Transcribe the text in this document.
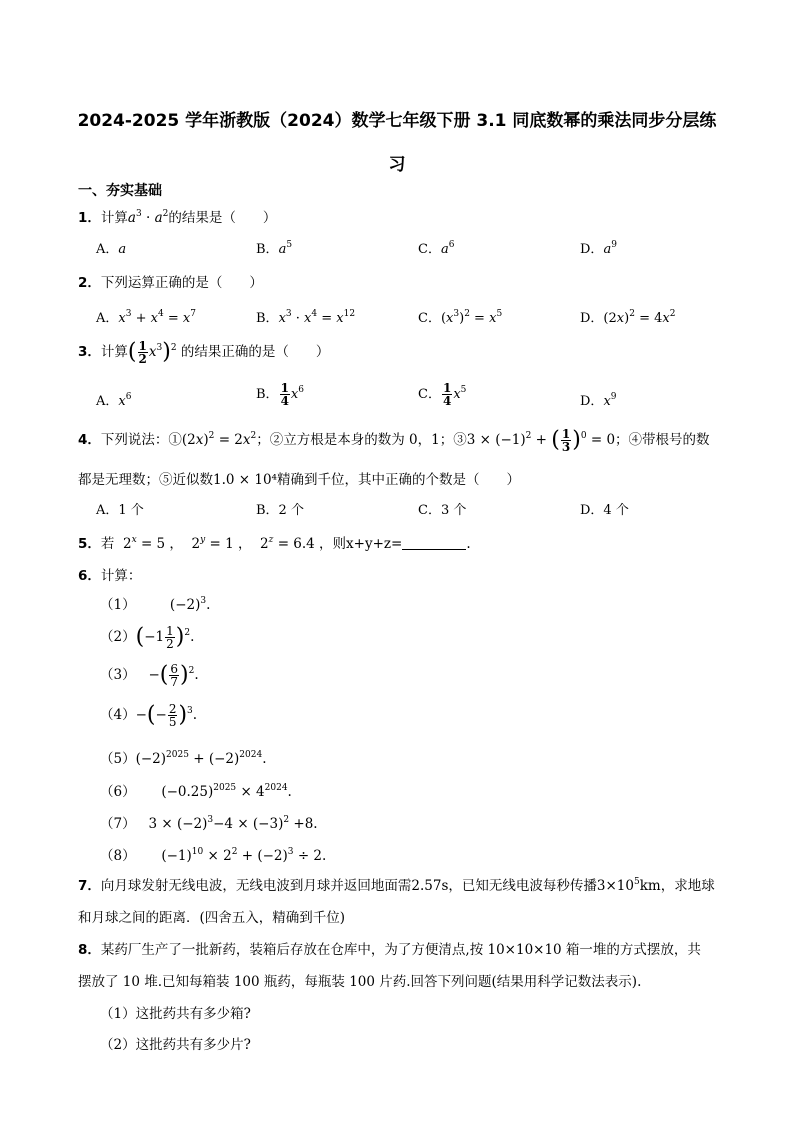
2024-2025 学年浙教版（2024）数学七年级下册 3.1 同底数幂的乘法同步分层练
习
一、夯实基础
1．计算$a^3 \cdot a^2$的结果是（　　）
A．a	B．$a^5$	C．$a^6$	D．$a^9$
2．下列运算正确的是（　　）
A．$x^3 + x^4 = x^7$	B．$x^3 \cdot x^4 = x^{12}$	C．$(x^3)^2 = x^5$	D．$(2x)^2 = 4x^2$
3．计算( $\frac{1}{2} x^3)^2$ 的结果正确的是（　　）
A．$x^6$	B． $\frac{1}{4} x^6$	C． $\frac{1}{4} x^5$
D．$x^9$
4．下列说法：$①(2x)^2 = 2x^2$；②立方根是本身的数为 0，1；③3 × $(-1)^2$ + ( $\frac{1}{3} )^0 = 0$；④带根号的数
都是无理数；⑤近似数1.0 × 10⁴精确到千位，其中正确的个数是（　　）
A．1 个	B．2 个	C．3 个	D．4 个
5．若  $2^x = 5$ ，  $2^y = 1$ ，  $2^z = 6.4$ ，则x+y+z=	.
6．计算：
（1）        $(-2)^3$.
$(2)(-1 \frac{1}{2} )^2$.
（3）   −( $\frac{6}{7} )^2$.
$(4)-(- \frac{2}{5} )^3$.
$(5)(-2)^{2025} + (-2)^{2024}$.
（6）      $(-0.25)^{2025} \times 4^{2024}$.
（7）   $3 \times (-2)^3-4 \times (-3)^2 +8$.
（8）      $(-1)^{10} \times 2^2 + (-2)^3 \div 2$.
7．向月球发射无线电波，无线电波到月球并返回地面需2.57s，已知无线电波每秒传播$3\times 10^5km$，求地球
和月球之间的距离．(四舍五入，精确到千位)
8．某药厂生产了一批新药，装箱后存放在仓库中，为了方便清点,按 10×10×10 箱一堆的方式摆放，共
摆放了 10 堆.已知每箱装 100 瓶药，每瓶装 100 片药.回答下列问题(结果用科学记数法表示).
（1）这批药共有多少箱?
（2）这批药共有多少片?
